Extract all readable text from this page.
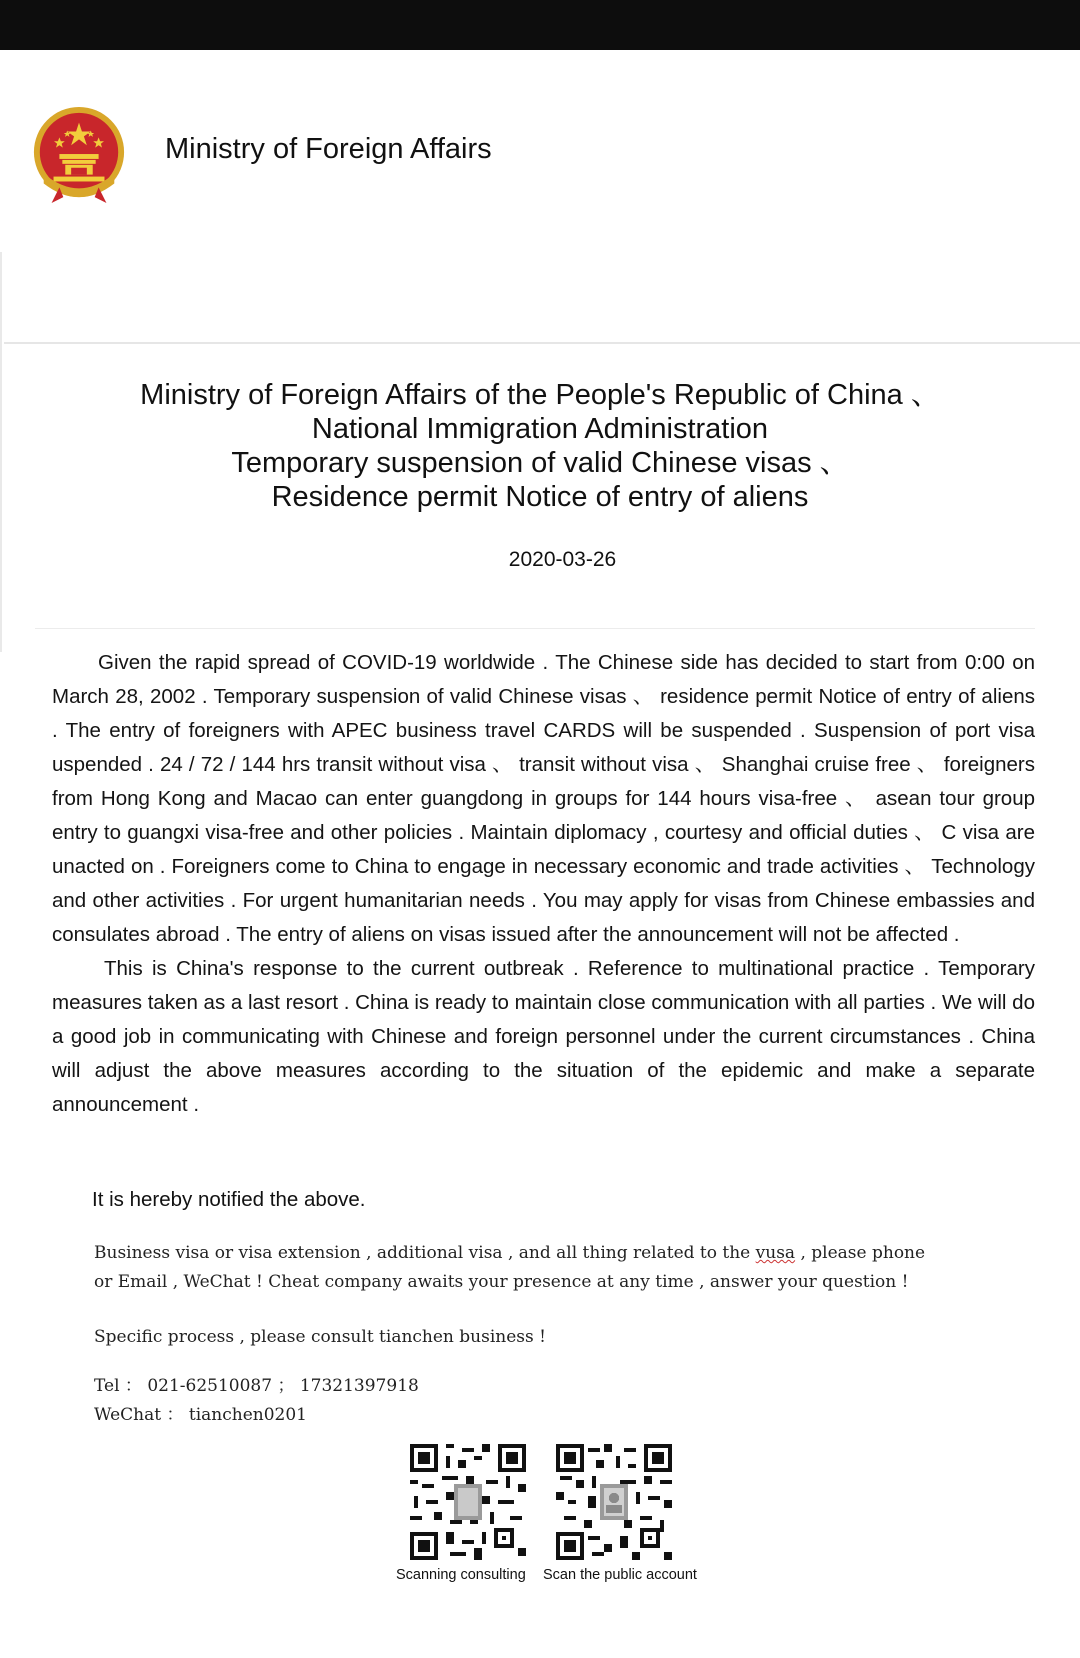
Ministry of Foreign Affairs
Ministry of Foreign Affairs of the People's Republic of China 、
National Immigration Administration
Temporary suspension of valid Chinese visas 、
Residence permit Notice of entry of aliens
2020-03-26

Given the rapid spread of COVID-19 worldwide . The Chinese side has decided to start from 0:00 on March 28, 2002 . Temporary suspension of valid Chinese visas 、 residence permit Notice of entry of aliens . The entry of foreigners with APEC business travel CARDS will be suspended . Suspension of port visa uspended . 24 / 72 / 144 hrs transit without visa 、 transit without visa 、 Shanghai cruise free 、 foreigners from Hong Kong and Macao can enter guangdong in groups for 144 hours visa-free 、 asean tour group entry to guangxi visa-free and other policies . Maintain diplomacy , courtesy and official duties 、 C visa are unacted on . Foreigners come to China to engage in necessary economic and trade activities 、 Technology and other activities . For urgent humanitarian needs . You may apply for visas from Chinese embassies and consulates abroad . The entry of aliens on visas issued after the announcement will not be affected .

This is China's response to the current outbreak . Reference to multinational practice . Temporary measures taken as a last resort . China is ready to maintain close communication with all parties . We will do a good job in communicating with Chinese and foreign personnel under the current circumstances . China will adjust the above measures according to the situation of the epidemic and make a separate announcement .

It is hereby notified the above.
Business visa or visa extension , additional visa , and all thing related to the vusa , please phone
or Email , WeChat ! Cheat company awaits your presence at any time , answer your question !
Specific process , please consult tianchen business !
Tel ： 021-62510087 ； 17321397918
WeChat ： tianchen0201
Scanning consulting Scan the public account
